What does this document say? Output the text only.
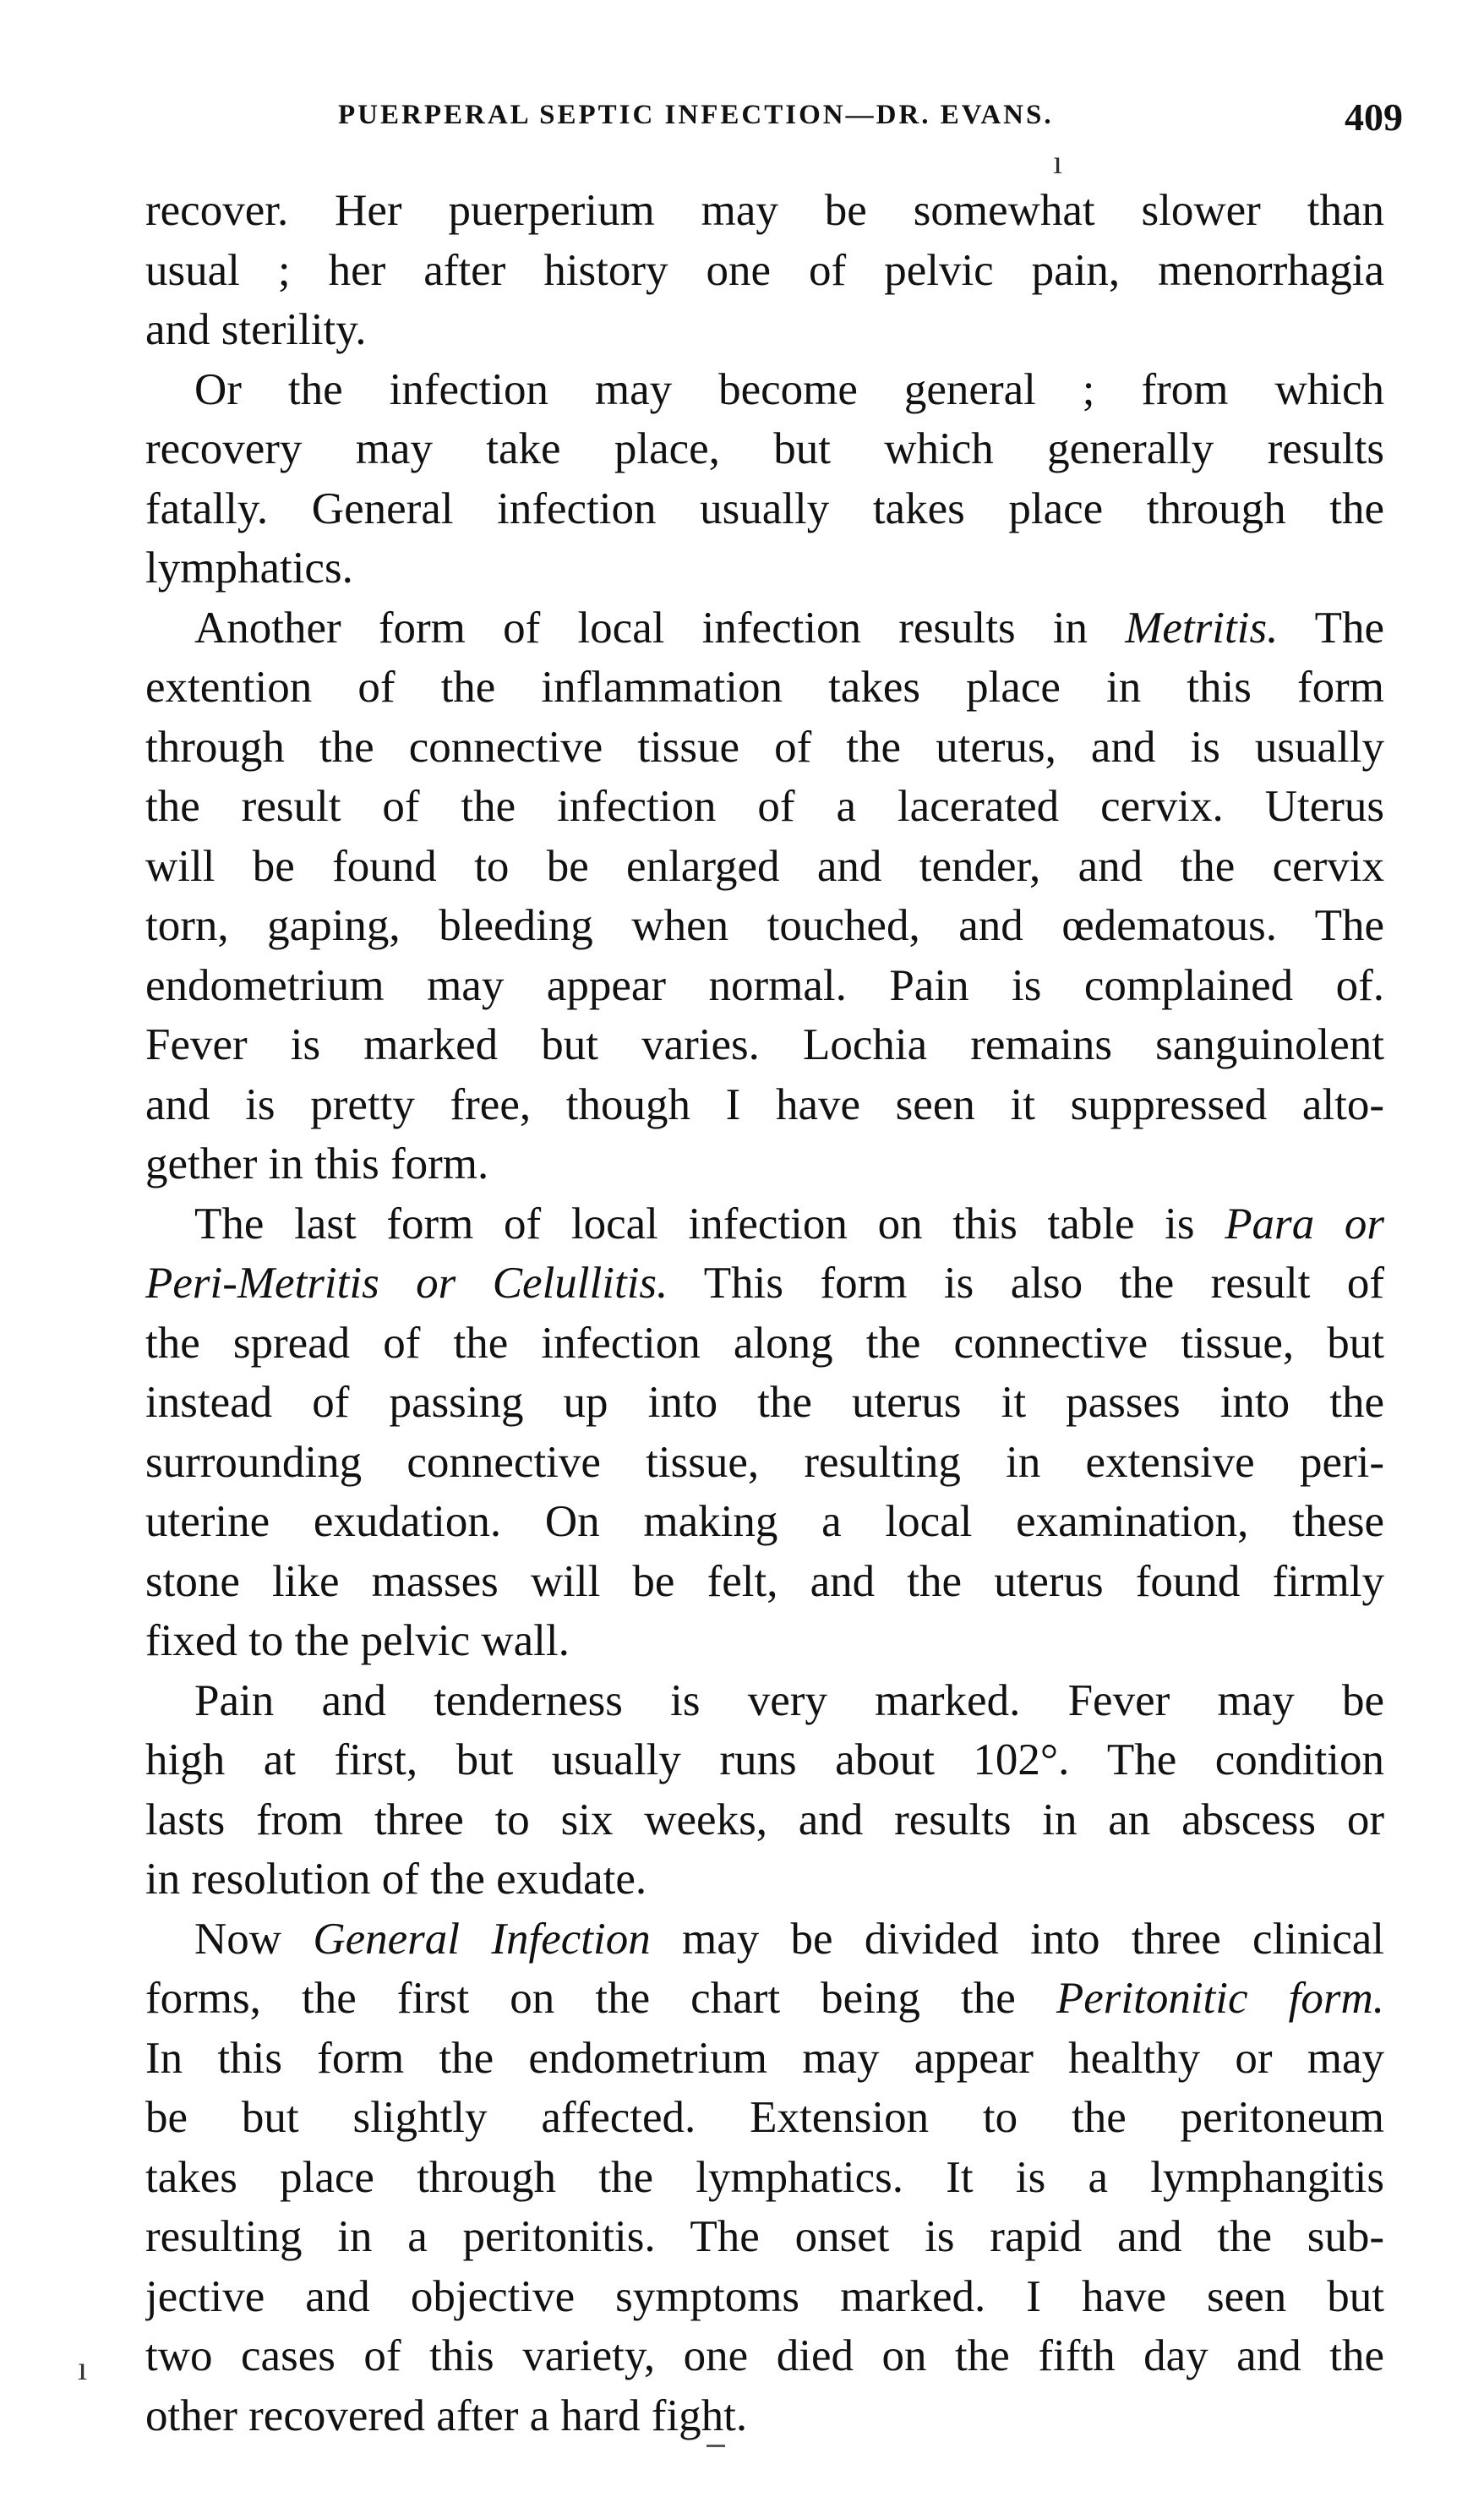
PUERPERAL SEPTIC INFECTION—DR. EVANS.	409
ı
recover. Her puerperium may be somewhat slower than
usual ; her after history one of pelvic pain, menorrhagia
and sterility.
Or the infection may become general ; from which
recovery may take place, but which generally results
fatally. General infection usually takes place through the
lymphatics.
Another form of local infection results in Metritis. The
extention of the inflammation takes place in this form
through the connective tissue of the uterus, and is usually
the result of the infection of a lacerated cervix. Uterus
will be found to be enlarged and tender, and the cervix
torn, gaping, bleeding when touched, and œdematous. The
endometrium may appear normal. Pain is complained of.
Fever is marked but varies. Lochia remains sanguinolent
and is pretty free, though I have seen it suppressed alto-
gether in this form.
The last form of local infection on this table is Para or
Peri-Metritis or Celullitis. This form is also the result of
the spread of the infection along the connective tissue, but
instead of passing up into the uterus it passes into the
surrounding connective tissue, resulting in extensive peri-
uterine exudation. On making a local examination, these
stone like masses will be felt, and the uterus found firmly
fixed to the pelvic wall.
Pain and tenderness is very marked. Fever may be
high at first, but usually runs about 102°. The condition
lasts from three to six weeks, and results in an abscess or
in resolution of the exudate.
Now General Infection may be divided into three clinical
forms, the first on the chart being the Peritonitic form.
In this form the endometrium may appear healthy or may
be but slightly affected. Extension to the peritoneum
takes place through the lymphatics. It is a lymphangitis
resulting in a peritonitis. The onset is rapid and the sub-
jective and objective symptoms marked. I have seen but
two cases of this variety, one died on the fifth day and the
other recovered after a hard fight.
ı
